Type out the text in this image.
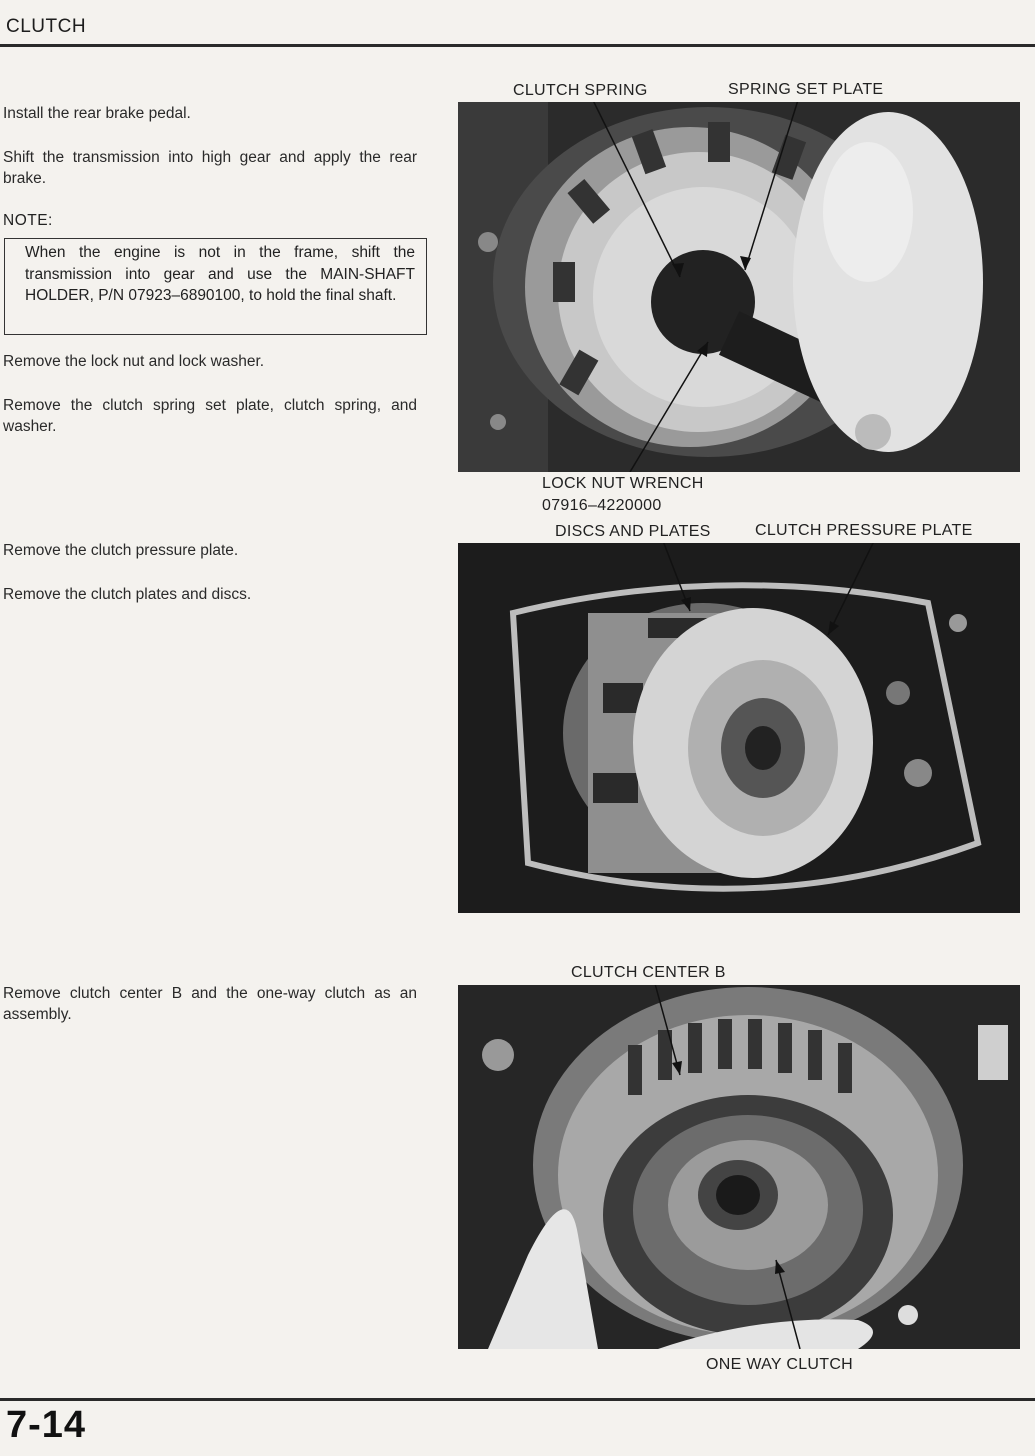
CLUTCH
Install the rear brake pedal.
Shift the transmission into high gear and apply the rear brake.
NOTE:
When the engine is not in the frame, shift the transmission into gear and use the MAIN-SHAFT HOLDER, P/N 07923–6890100, to hold the final shaft.
Remove the lock nut and lock washer.
Remove the clutch spring set plate, clutch spring, and washer.
Remove the clutch pressure plate.
Remove the clutch plates and discs.
Remove clutch center B and the one-way clutch as an assembly.
CLUTCH SPRING	SPRING SET PLATE
LOCK NUT WRENCH
07916–4220000
DISCS AND PLATES	CLUTCH PRESSURE PLATE
CLUTCH CENTER B
ONE WAY CLUTCH
7-14
